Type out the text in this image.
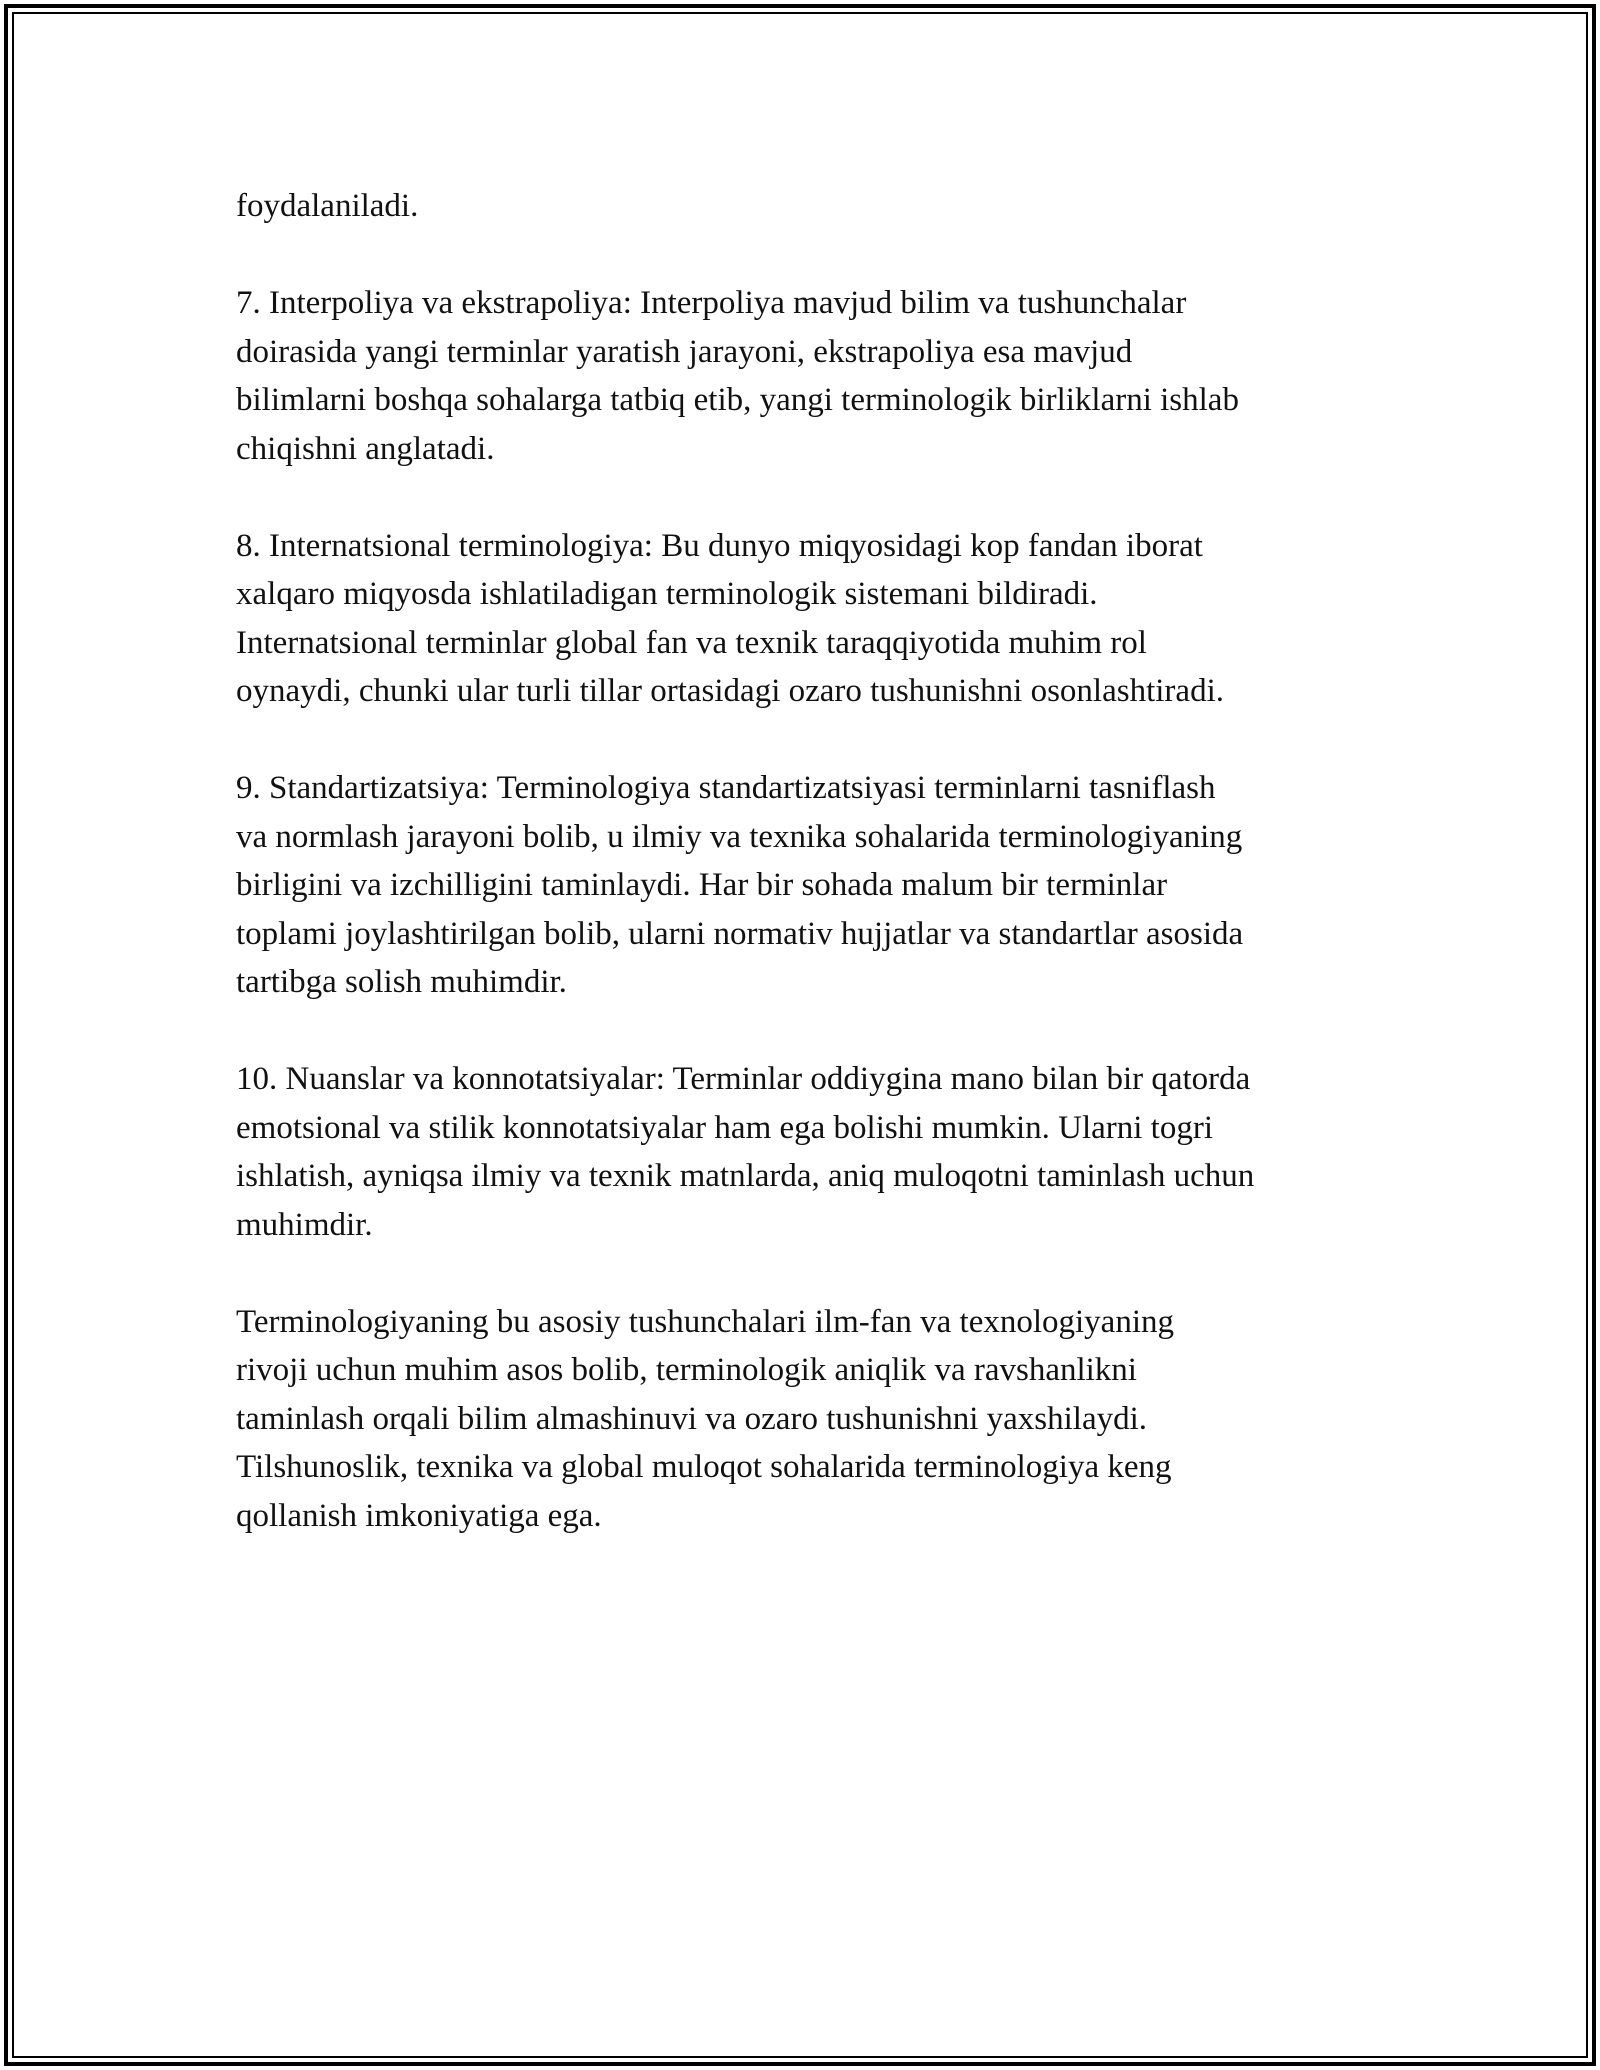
foydalaniladi.

7. Interpoliya va ekstrapoliya: Interpoliya mavjud bilim va tushunchalar
doirasida yangi terminlar yaratish jarayoni, ekstrapoliya esa mavjud
bilimlarni boshqa sohalarga tatbiq etib, yangi terminologik birliklarni ishlab
chiqishni anglatadi.

8. Internatsional terminologiya: Bu dunyo miqyosidagi kop fandan iborat
xalqaro miqyosda ishlatiladigan terminologik sistemani bildiradi.
Internatsional terminlar global fan va texnik taraqqiyotida muhim rol
oynaydi, chunki ular turli tillar ortasidagi ozaro tushunishni osonlashtiradi.

9. Standartizatsiya: Terminologiya standartizatsiyasi terminlarni tasniflash
va normlash jarayoni bolib, u ilmiy va texnika sohalarida terminologiyaning
birligini va izchilligini taminlaydi. Har bir sohada malum bir terminlar
toplami joylashtirilgan bolib, ularni normativ hujjatlar va standartlar asosida
tartibga solish muhimdir.

10. Nuanslar va konnotatsiyalar: Terminlar oddiygina mano bilan bir qatorda
emotsional va stilik konnotatsiyalar ham ega bolishi mumkin. Ularni togri
ishlatish, ayniqsa ilmiy va texnik matnlarda, aniq muloqotni taminlash uchun
muhimdir.

Terminologiyaning bu asosiy tushunchalari ilm-fan va texnologiyaning
rivoji uchun muhim asos bolib, terminologik aniqlik va ravshanlikni
taminlash orqali bilim almashinuvi va ozaro tushunishni yaxshilaydi.
Tilshunoslik, texnika va global muloqot sohalarida terminologiya keng
qollanish imkoniyatiga ega.
